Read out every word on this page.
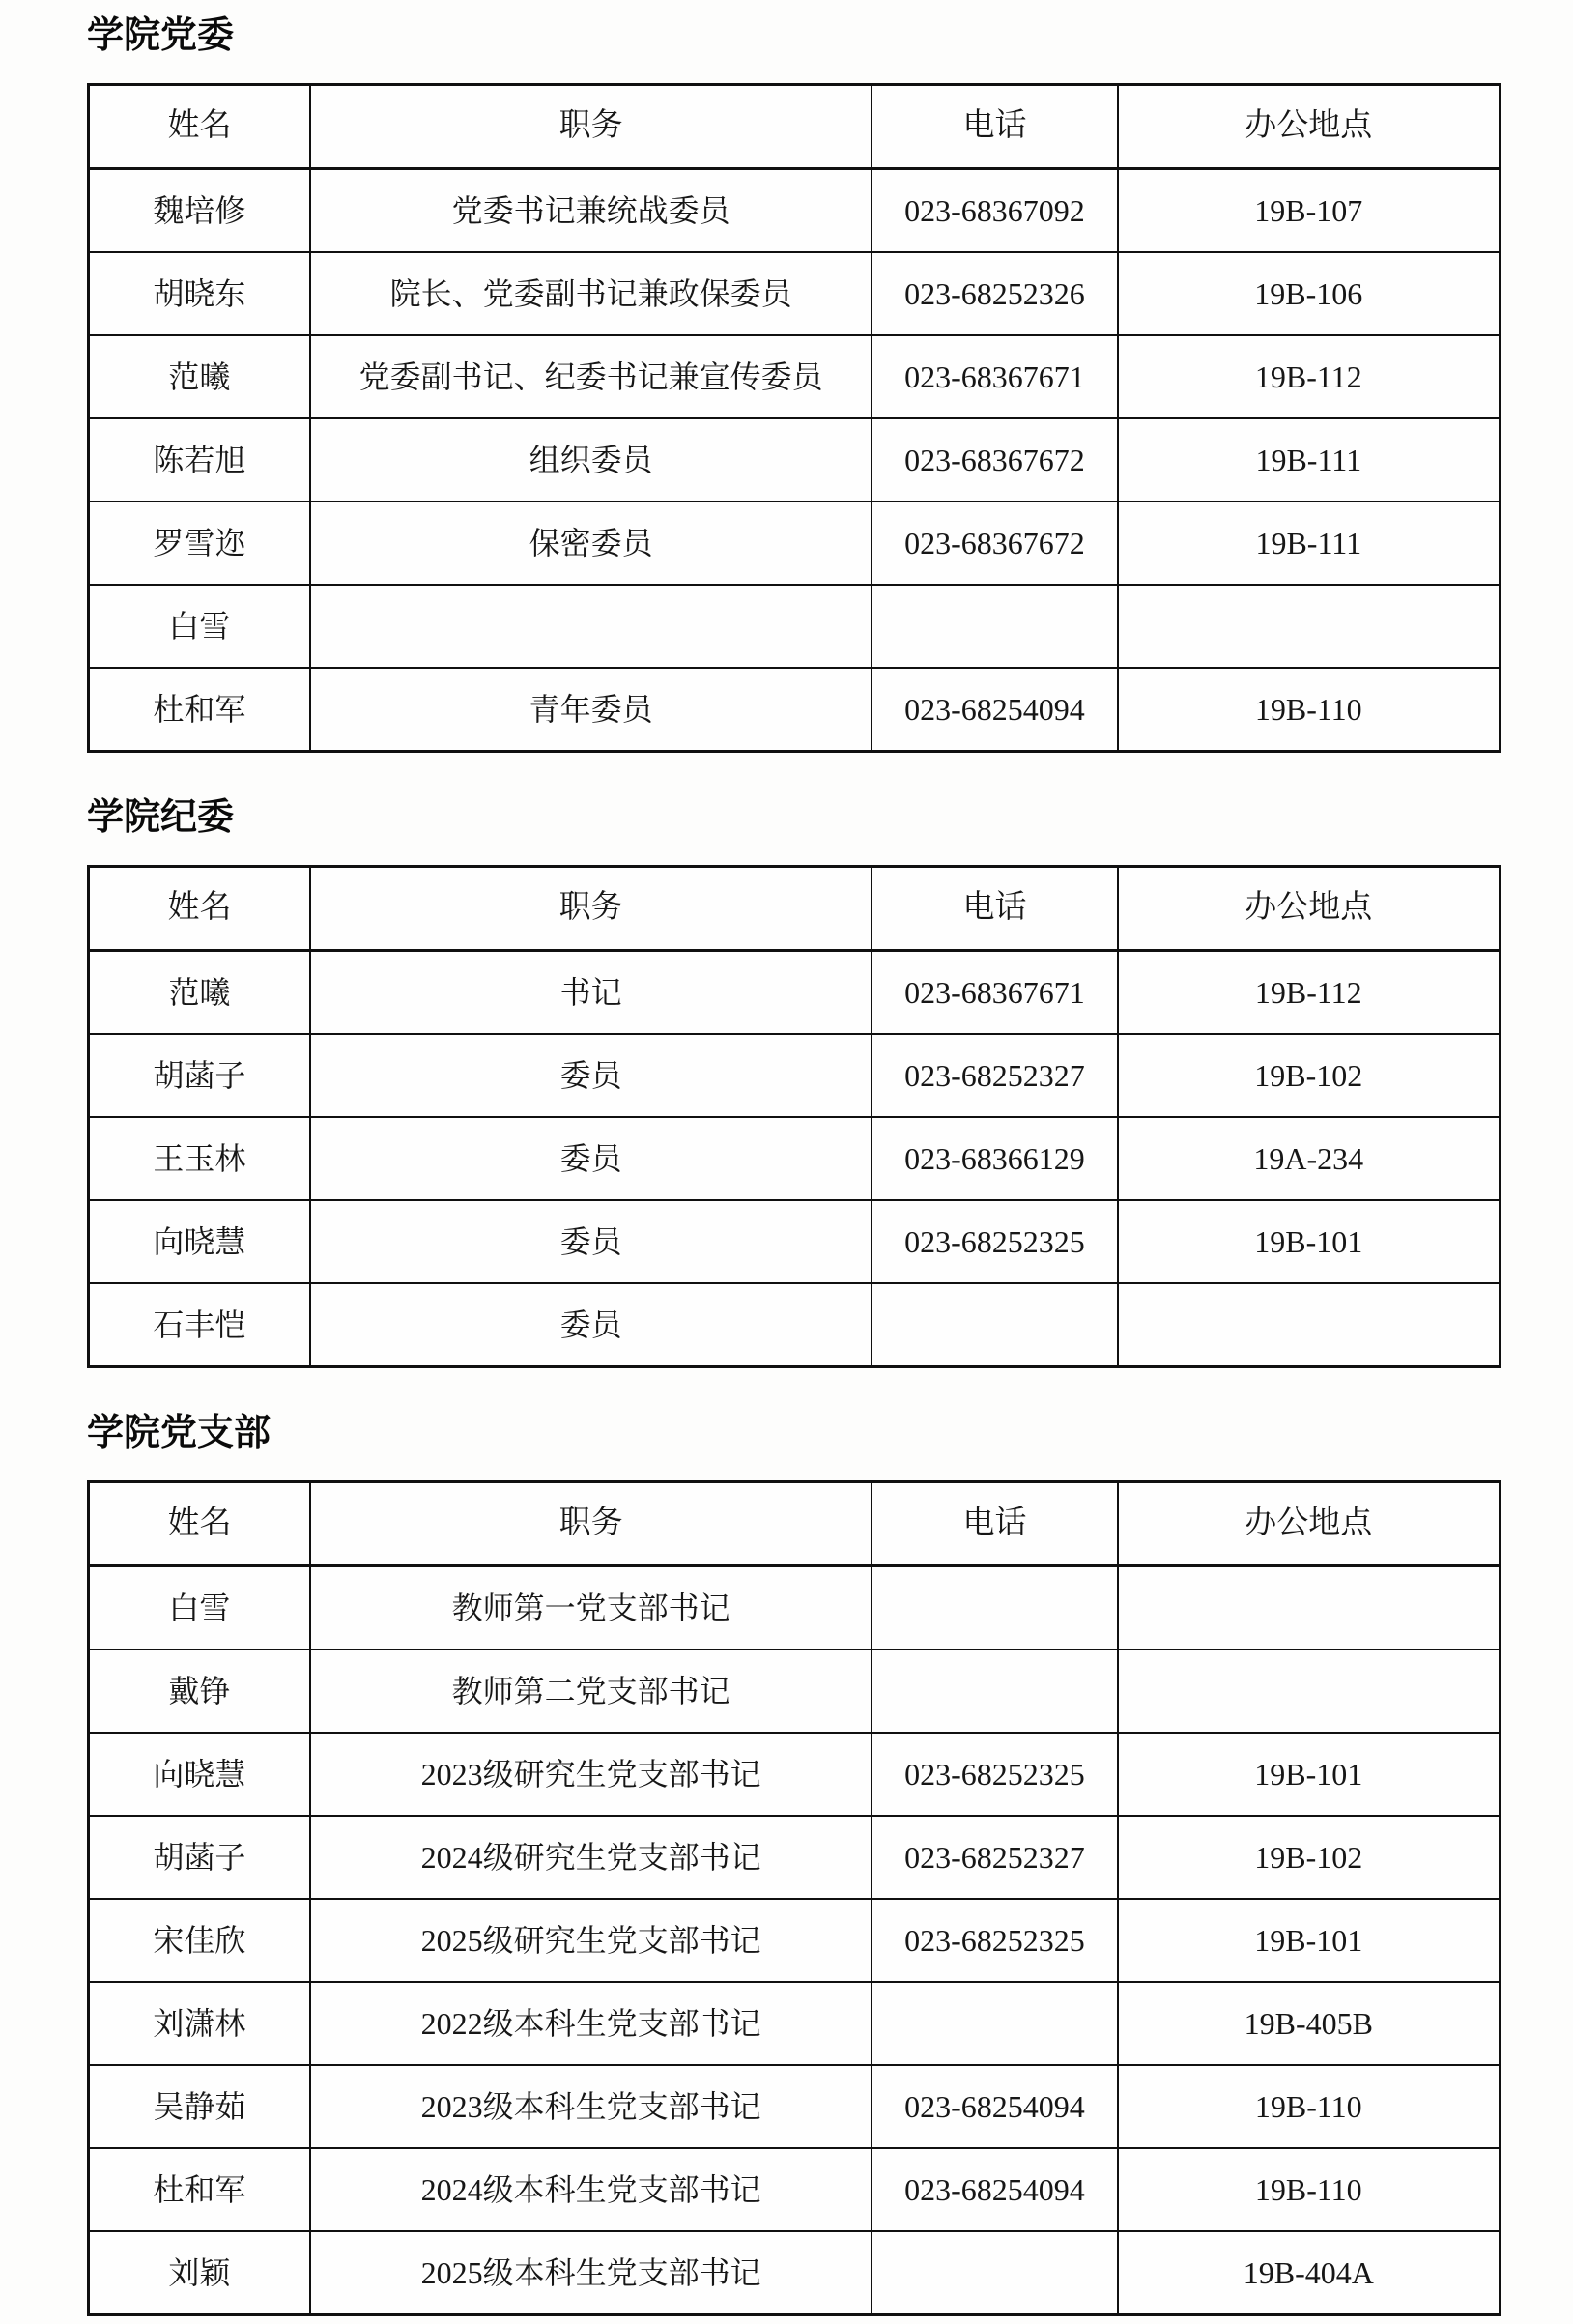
学院党委
姓名	职务	电话	办公地点
魏培修	党委书记兼统战委员	023-68367092	19B-107
胡晓东	院长、党委副书记兼政保委员	023-68252326	19B-106
范曦	党委副书记、纪委书记兼宣传委员	023-68367671	19B-112
陈若旭	组织委员	023-68367672	19B-111
罗雪迩	保密委员	023-68367672	19B-111
白雪			
杜和军	青年委员	023-68254094	19B-110
学院纪委
姓名	职务	电话	办公地点
范曦	书记	023-68367671	19B-112
胡菡子	委员	023-68252327	19B-102
王玉林	委员	023-68366129	19A-234
向晓慧	委员	023-68252325	19B-101
石丰恺	委员		
学院党支部
姓名	职务	电话	办公地点
白雪	教师第一党支部书记		
戴铮	教师第二党支部书记		
向晓慧	2023级研究生党支部书记	023-68252325	19B-101
胡菡子	2024级研究生党支部书记	023-68252327	19B-102
宋佳欣	2025级研究生党支部书记	023-68252325	19B-101
刘潇林	2022级本科生党支部书记		19B-405B
吴静茹	2023级本科生党支部书记	023-68254094	19B-110
杜和军	2024级本科生党支部书记	023-68254094	19B-110
刘颖	2025级本科生党支部书记		19B-404A
